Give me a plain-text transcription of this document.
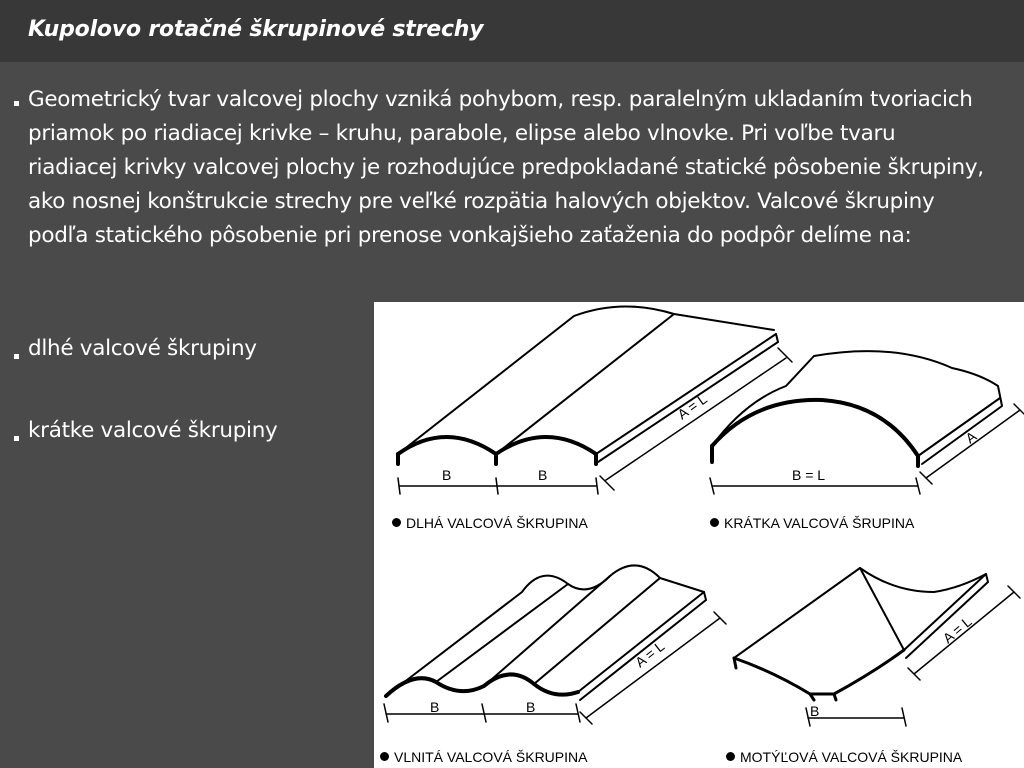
Kupolovo rotačné škrupinové strechy

Geometrický tvar valcovej plochy vzniká pohybom, resp. paralelným ukladaním tvoriacich priamok po riadiacej krivke – kruhu, parabole, elipse alebo vlnovke. Pri voľbe tvaru riadiacej krivky valcovej plochy je rozhodujúce predpokladané statické pôsobenie škrupiny, ako nosnej konštrukcie strechy pre veľké rozpätia halových objektov. Valcové škrupiny podľa statického pôsobenie pri prenose vonkajšieho zaťaženia do podpôr delíme na:

dlhé valcové škrupiny

krátke valcové škrupiny

B	B	B = L
B	B	B
A = L
A
A = L
A = L

DLHÁ VALCOVÁ ŠKRUPINA	KRÁTKA VALCOVÁ ŠRUPINA

VLNITÁ VALCOVÁ ŠKRUPINA	MOTÝĽOVÁ VALCOVÁ ŠKRUPINA
